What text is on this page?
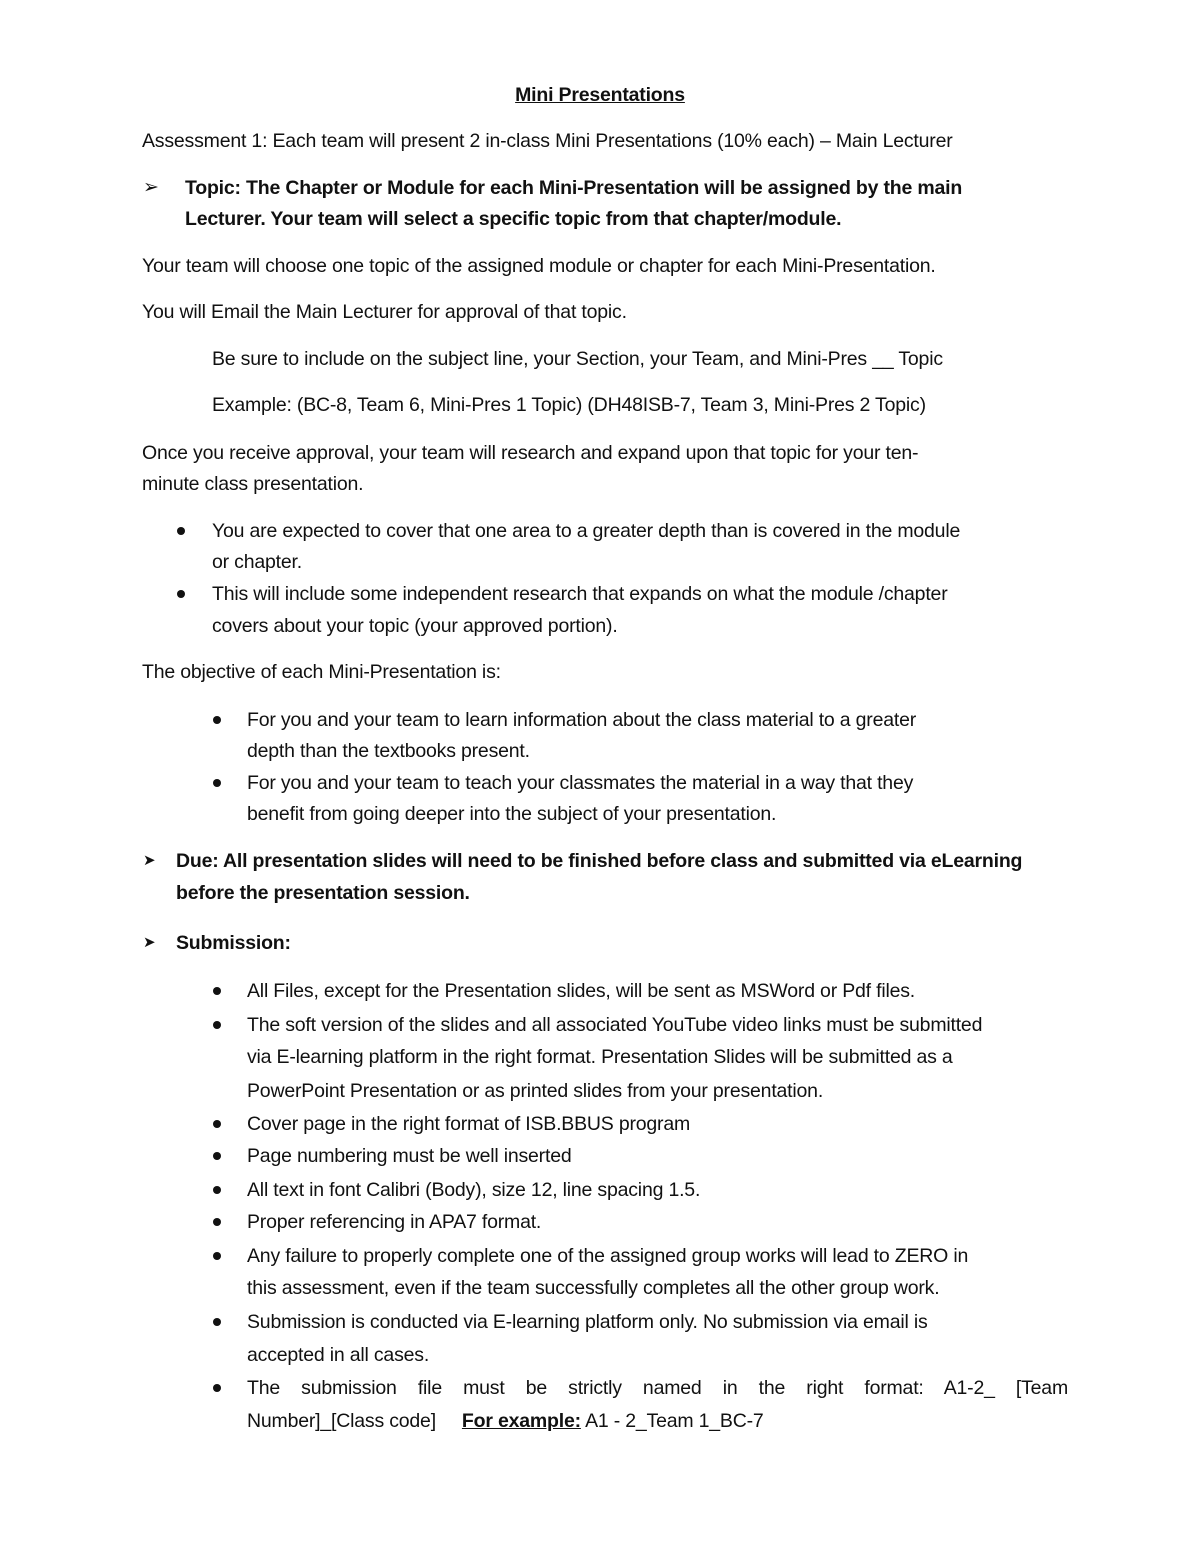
Mini Presentations

Assessment 1: Each team will present 2 in-class Mini Presentations (10% each) – Main Lecturer

➢ Topic: The Chapter or Module for each Mini-Presentation will be assigned by the main

Lecturer. Your team will select a specific topic from that chapter/module.

Your team will choose one topic of the assigned module or chapter for each Mini-Presentation.

You will Email the Main Lecturer for approval of that topic.

Be sure to include on the subject line, your Section, your Team, and Mini-Pres __ Topic

Example: (BC-8, Team 6, Mini-Pres 1 Topic) (DH48ISB-7, Team 3, Mini-Pres 2 Topic)

Once you receive approval, your team will research and expand upon that topic for your ten-

minute class presentation.

You are expected to cover that one area to a greater depth than is covered in the module

or chapter.

This will include some independent research that expands on what the module /chapter

covers about your topic (your approved portion).

The objective of each Mini-Presentation is:

For you and your team to learn information about the class material to a greater

depth than the textbooks present.

For you and your team to teach your classmates the material in a way that they

benefit from going deeper into the subject of your presentation.

➤ Due: All presentation slides will need to be finished before class and submitted via eLearning

before the presentation session.

➤ Submission:

All Files, except for the Presentation slides, will be sent as MSWord or Pdf files.

The soft version of the slides and all associated YouTube video links must be submitted

via E-learning platform in the right format. Presentation Slides will be submitted as a

PowerPoint Presentation or as printed slides from your presentation.

Cover page in the right format of ISB.BBUS program

Page numbering must be well inserted

All text in font Calibri (Body), size 12, line spacing 1.5.

Proper referencing in APA7 format.

Any failure to properly complete one of the assigned group works will lead to ZERO in

this assessment, even if the team successfully completes all the other group work.

Submission is conducted via E-learning platform only. No submission via email is

accepted in all cases.

The submission file must be strictly named in the right format: A1-2_ [Team

Number]_[Class code] For example: A1 - 2_Team 1_BC-7
